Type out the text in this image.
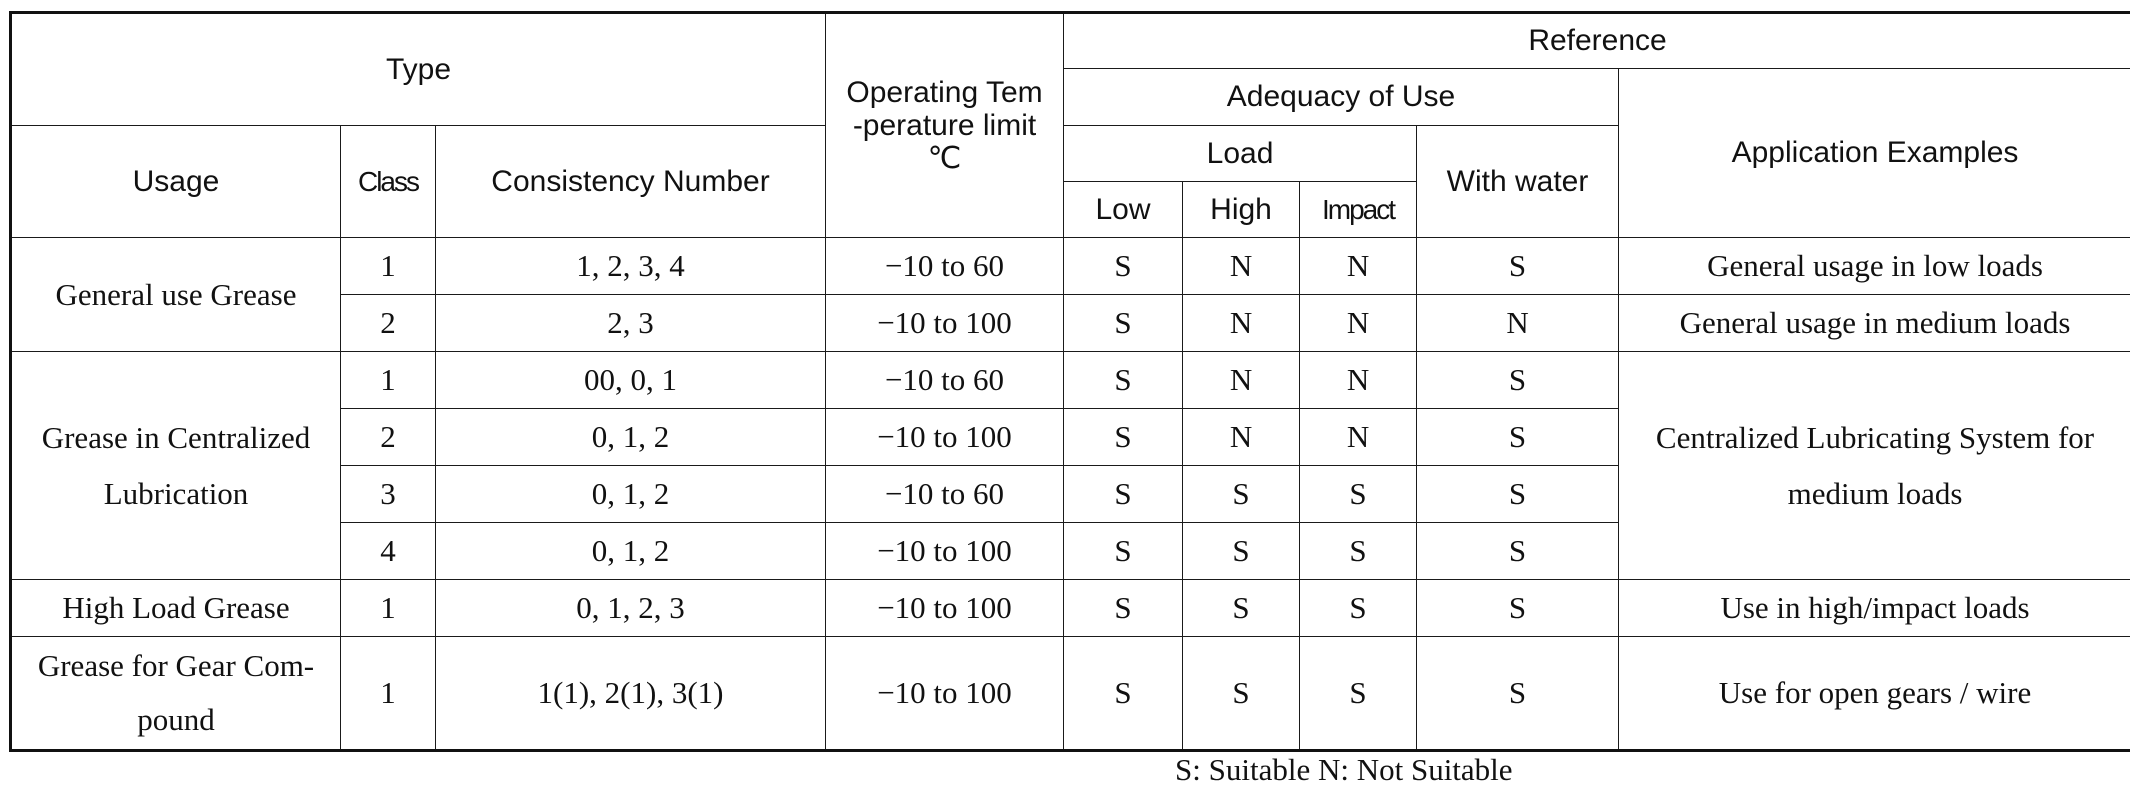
Type			Operating Tem-perature limit ℃	Reference				
				Adequacy of Use				Application Examples
Usage	Class	Consistency Number		Load			With water	
				Low	High	Impact		
General use Grease	1	1, 2, 3, 4	−10 to 60	S	N	N	S	General usage in low loads
	2	2, 3	−10 to 100	S	N	N	N	General usage in medium loads
Grease in Centralized Lubrication	1	00, 0, 1	−10 to 60	S	N	N	S	Centralized Lubricating System for medium loads
	2	0, 1, 2	−10 to 100	S	N	N	S	
	3	0, 1, 2	−10 to 60	S	S	S	S	
	4	0, 1, 2	−10 to 100	S	S	S	S	
High Load Grease	1	0, 1, 2, 3	−10 to 100	S	S	S	S	Use in high/impact loads
Grease for Gear Com-pound	1	1(1), 2(1), 3(1)	−10 to 100	S	S	S	S	Use for open gears / wire
S: Suitable N: Not Suitable
